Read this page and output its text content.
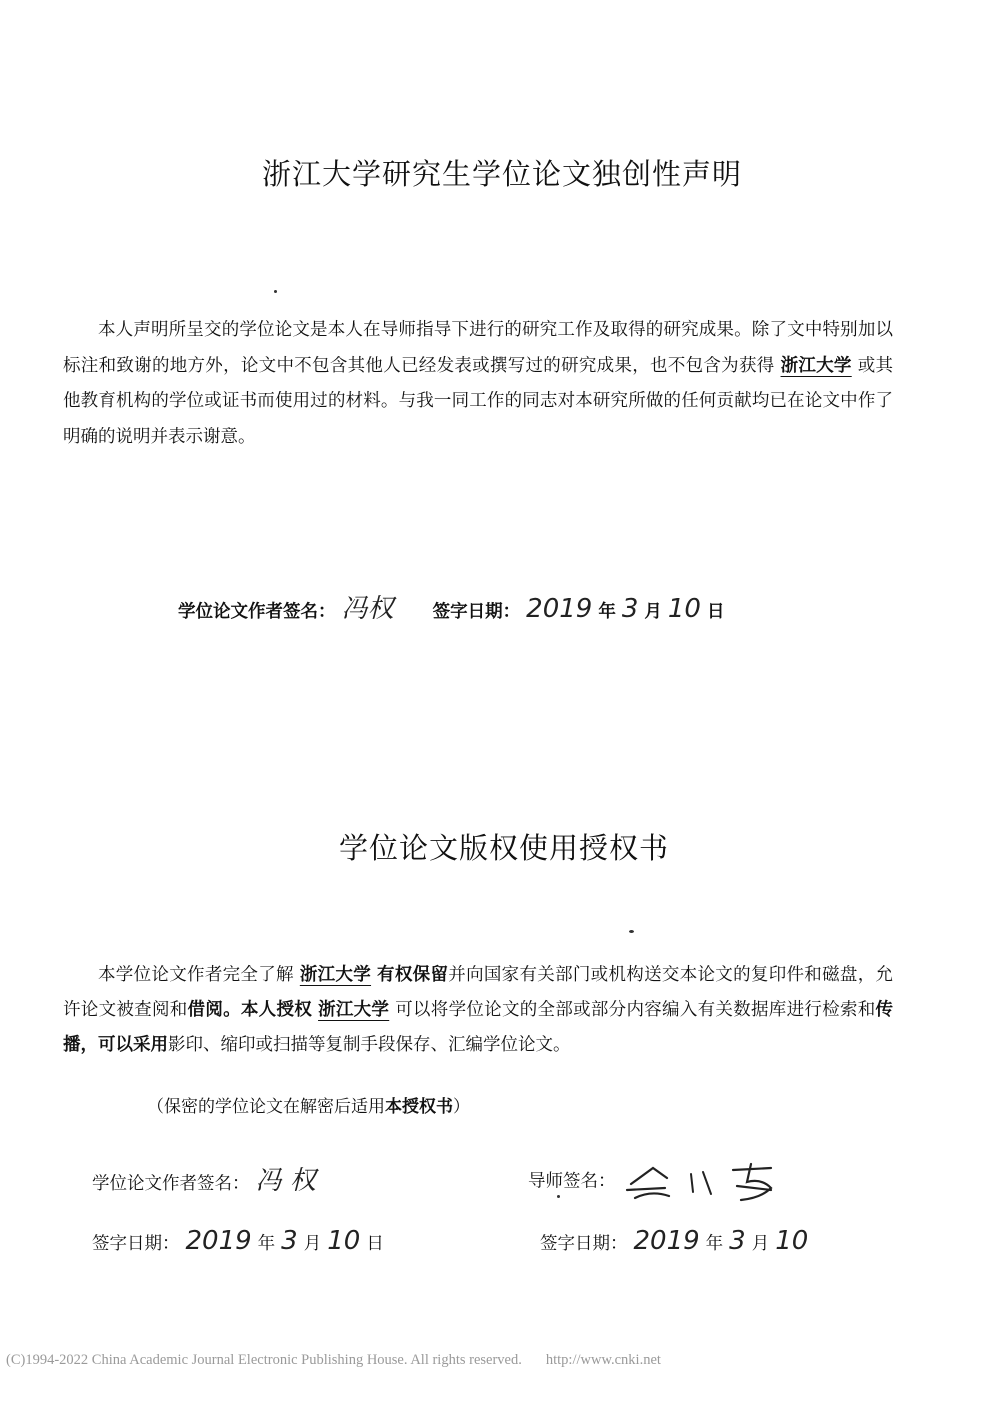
浙江大学研究生学位论文独创性声明
本人声明所呈交的学位论文是本人在导师指导下进行的研究工作及取得的研究成果。除了文中特别加以标注和致谢的地方外，论文中不包含其他人已经发表或撰写过的研究成果，也不包含为获得 浙江大学 或其他教育机构的学位或证书而使用过的材料。与我一同工作的同志对本研究所做的任何贡献均已在论文中作了明确的说明并表示谢意。
学位论文作者签名： 冯权 签字日期： 2019 年 3 月 10 日
学位论文版权使用授权书
本学位论文作者完全了解 浙江大学 有权保留并向国家有关部门或机构送交本论文的复印件和磁盘，允许论文被查阅和借阅。本人授权 浙江大学 可以将学位论文的全部或部分内容编入有关数据库进行检索和传播，可以采用影印、缩印或扫描等复制手段保存、汇编学位论文。
（保密的学位论文在解密后适用本授权书）
学位论文作者签名： 冯 权	导师签名：
签字日期： 2019 年 3 月 10 日	签字日期： 2019 年 3 月 10
(C)1994-2022 China Academic Journal Electronic Publishing House. All rights reserved. http://www.cnki.net
